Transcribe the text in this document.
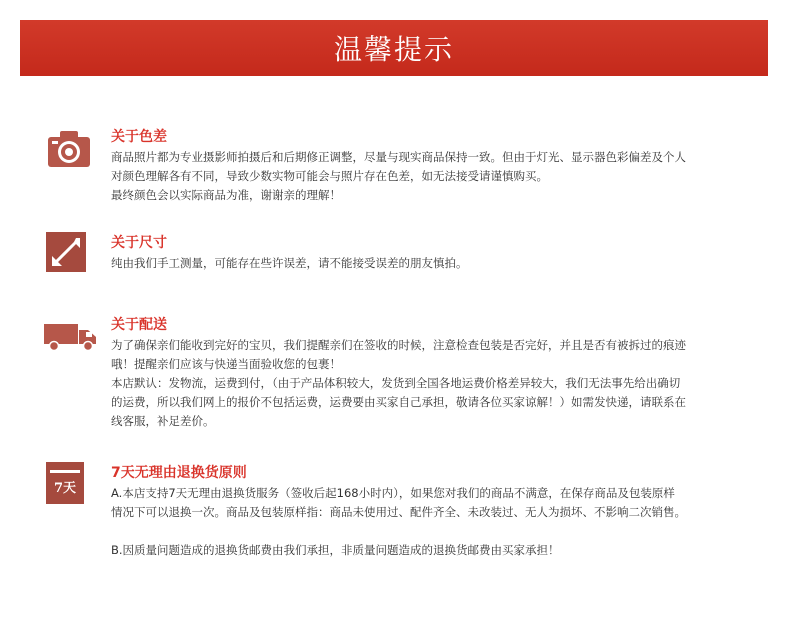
温馨提示
关于色差

商品照片都为专业摄影师拍摄后和后期修正调整，尽量与现实商品保持一致。但由于灯光、显示器色彩偏差及个人

对颜色理解各有不同，导致少数实物可能会与照片存在色差，如无法接受请谨慎购买。

最终颜色会以实际商品为准，谢谢亲的理解！

关于尺寸

纯由我们手工测量，可能存在些许误差，请不能接受误差的朋友慎拍。

关于配送

为了确保亲们能收到完好的宝贝，我们提醒亲们在签收的时候，注意检查包装是否完好，并且是否有被拆过的痕迹

哦！提醒亲们应该与快递当面验收您的包裹！

本店默认：发物流，运费到付，（由于产品体积较大，发货到全国各地运费价格差异较大，我们无法事先给出确切

的运费，所以我们网上的报价不包括运费，运费要由买家自己承担，敬请各位买家谅解！）如需发快递，请联系在

线客服，补足差价。

7天
7天无理由退换货原则

A.本店支持7天无理由退换货服务（签收后起168小时内），如果您对我们的商品不满意，在保存商品及包装原样

情况下可以退换一次。商品及包装原样指：商品未使用过、配件齐全、未改装过、无人为损坏、不影响二次销售。

B.因质量问题造成的退换货邮费由我们承担，非质量问题造成的退换货邮费由买家承担！
